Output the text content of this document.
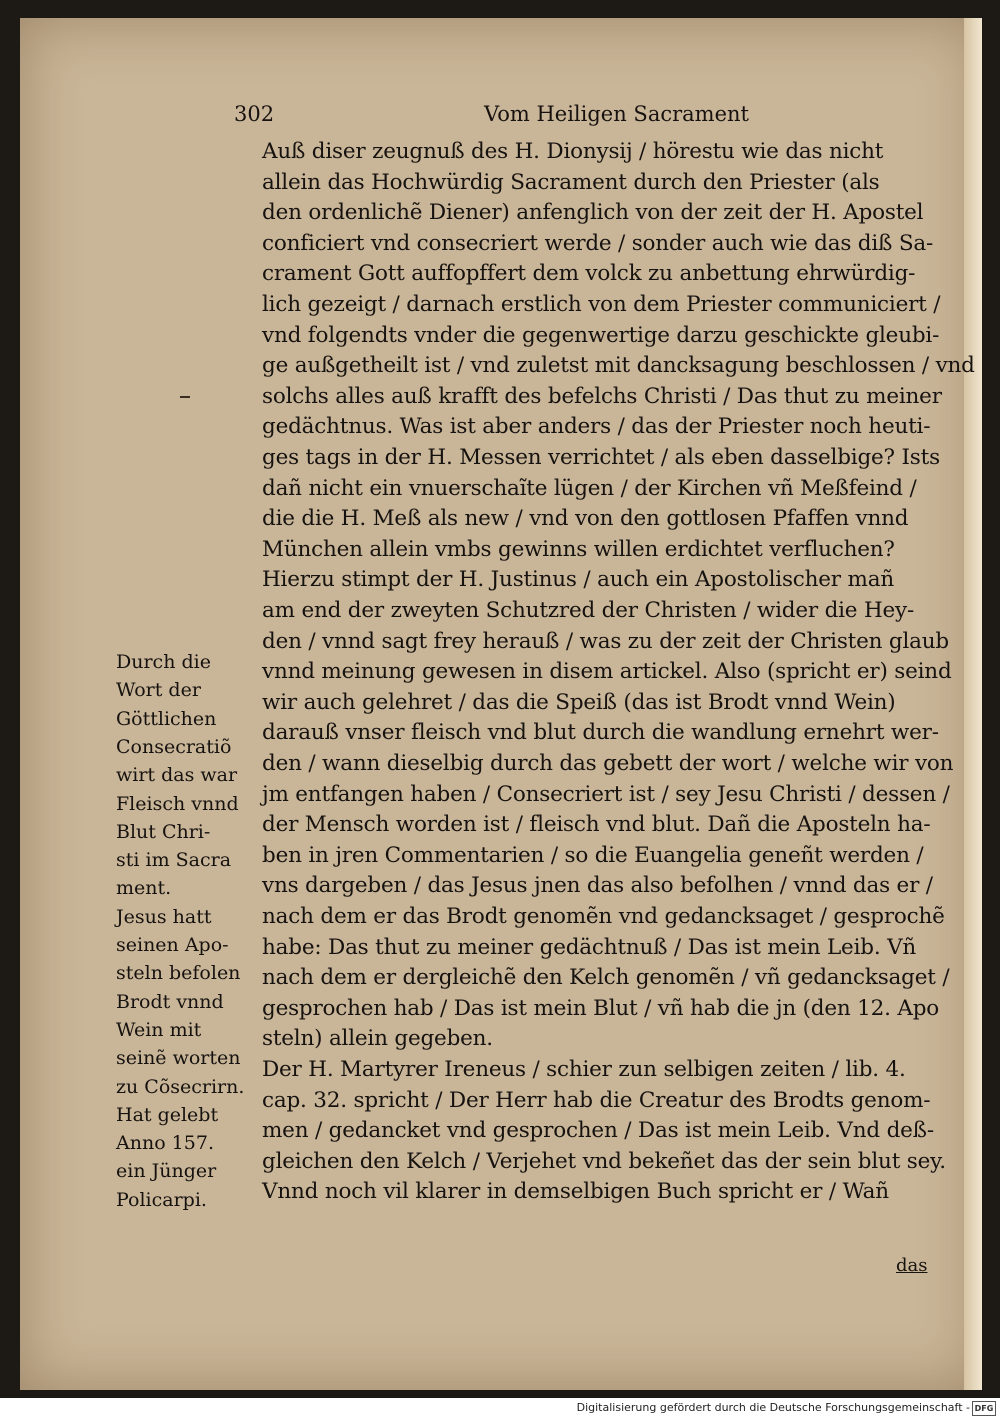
302	Vom Heiligen Sacrament
Auß diser zeugnuß des H. Dionysij / hörestu wie das nicht
allein das Hochwürdig Sacrament durch den Priester (als
den ordenlichẽ Diener) anfenglich von der zeit der H. Apostel
conficiert vnd consecriert werde / sonder auch wie das diß Sa-
crament Gott auffopffert dem volck zu anbettung ehrwürdig-
lich gezeigt / darnach erstlich von dem Priester communiciert /
vnd folgendts vnder die gegenwertige darzu geschickte gleubi-
ge außgetheilt ist / vnd zuletst mit dancksagung beschlossen / vnd
solchs alles auß krafft des befelchs Christi / Das thut zu meiner
gedächtnus. Was ist aber anders / das der Priester noch heuti-
ges tags in der H. Messen verrichtet / als eben dasselbige? Ists
dañ nicht ein vnuerschaĩte lügen / der Kirchen vñ Meßfeind /
die die H. Meß als new / vnd von den gottlosen Pfaffen vnnd
München allein vmbs gewinns willen erdichtet verfluchen?
Hierzu stimpt der H. Justinus / auch ein Apostolischer mañ
am end der zweyten Schutzred der Christen / wider die Hey-
den / vnnd sagt frey herauß / was zu der zeit der Christen glaub
vnnd meinung gewesen in disem artickel. Also (spricht er) seind
wir auch gelehret / das die Speiß (das ist Brodt vnnd Wein)
darauß vnser fleisch vnd blut durch die wandlung ernehrt wer-
den / wann dieselbig durch das gebett der wort / welche wir von
jm entfangen haben / Consecriert ist / sey Jesu Christi / dessen /
der Mensch worden ist / fleisch vnd blut. Dañ die Aposteln ha-
ben in jren Commentarien / so die Euangelia geneñt werden /
vns dargeben / das Jesus jnen das also befolhen / vnnd das er /
nach dem er das Brodt genomẽn vnd gedancksaget / gesprochẽ
habe: Das thut zu meiner gedächtnuß / Das ist mein Leib. Vñ
nach dem er dergleichẽ den Kelch genomẽn / vñ gedancksaget /
gesprochen hab / Das ist mein Blut / vñ hab die jn (den 12. Apo
steln) allein gegeben.
Der H. Martyrer Ireneus / schier zun selbigen zeiten / lib. 4.
cap. 32. spricht / Der Herr hab die Creatur des Brodts genom-
men / gedancket vnd gesprochen / Das ist mein Leib. Vnd deß-
gleichen den Kelch / Verjehet vnd bekeñet das der sein blut sey.
Vnnd noch vil klarer in demselbigen Buch spricht er / Wañ
Durch die
Wort der
Göttlichen
Consecratiõ
wirt das war
Fleisch vnnd
Blut Chri-
sti im Sacra
ment.
Jesus hatt
seinen Apo-
steln befolen
Brodt vnnd
Wein mit
seinẽ worten
zu Cõsecrirn.
Hat gelebt
Anno 157.
ein Jünger
Policarpi.
das
Digitalisierung gefördert durch die Deutsche Forschungsgemeinschaft - DFG
